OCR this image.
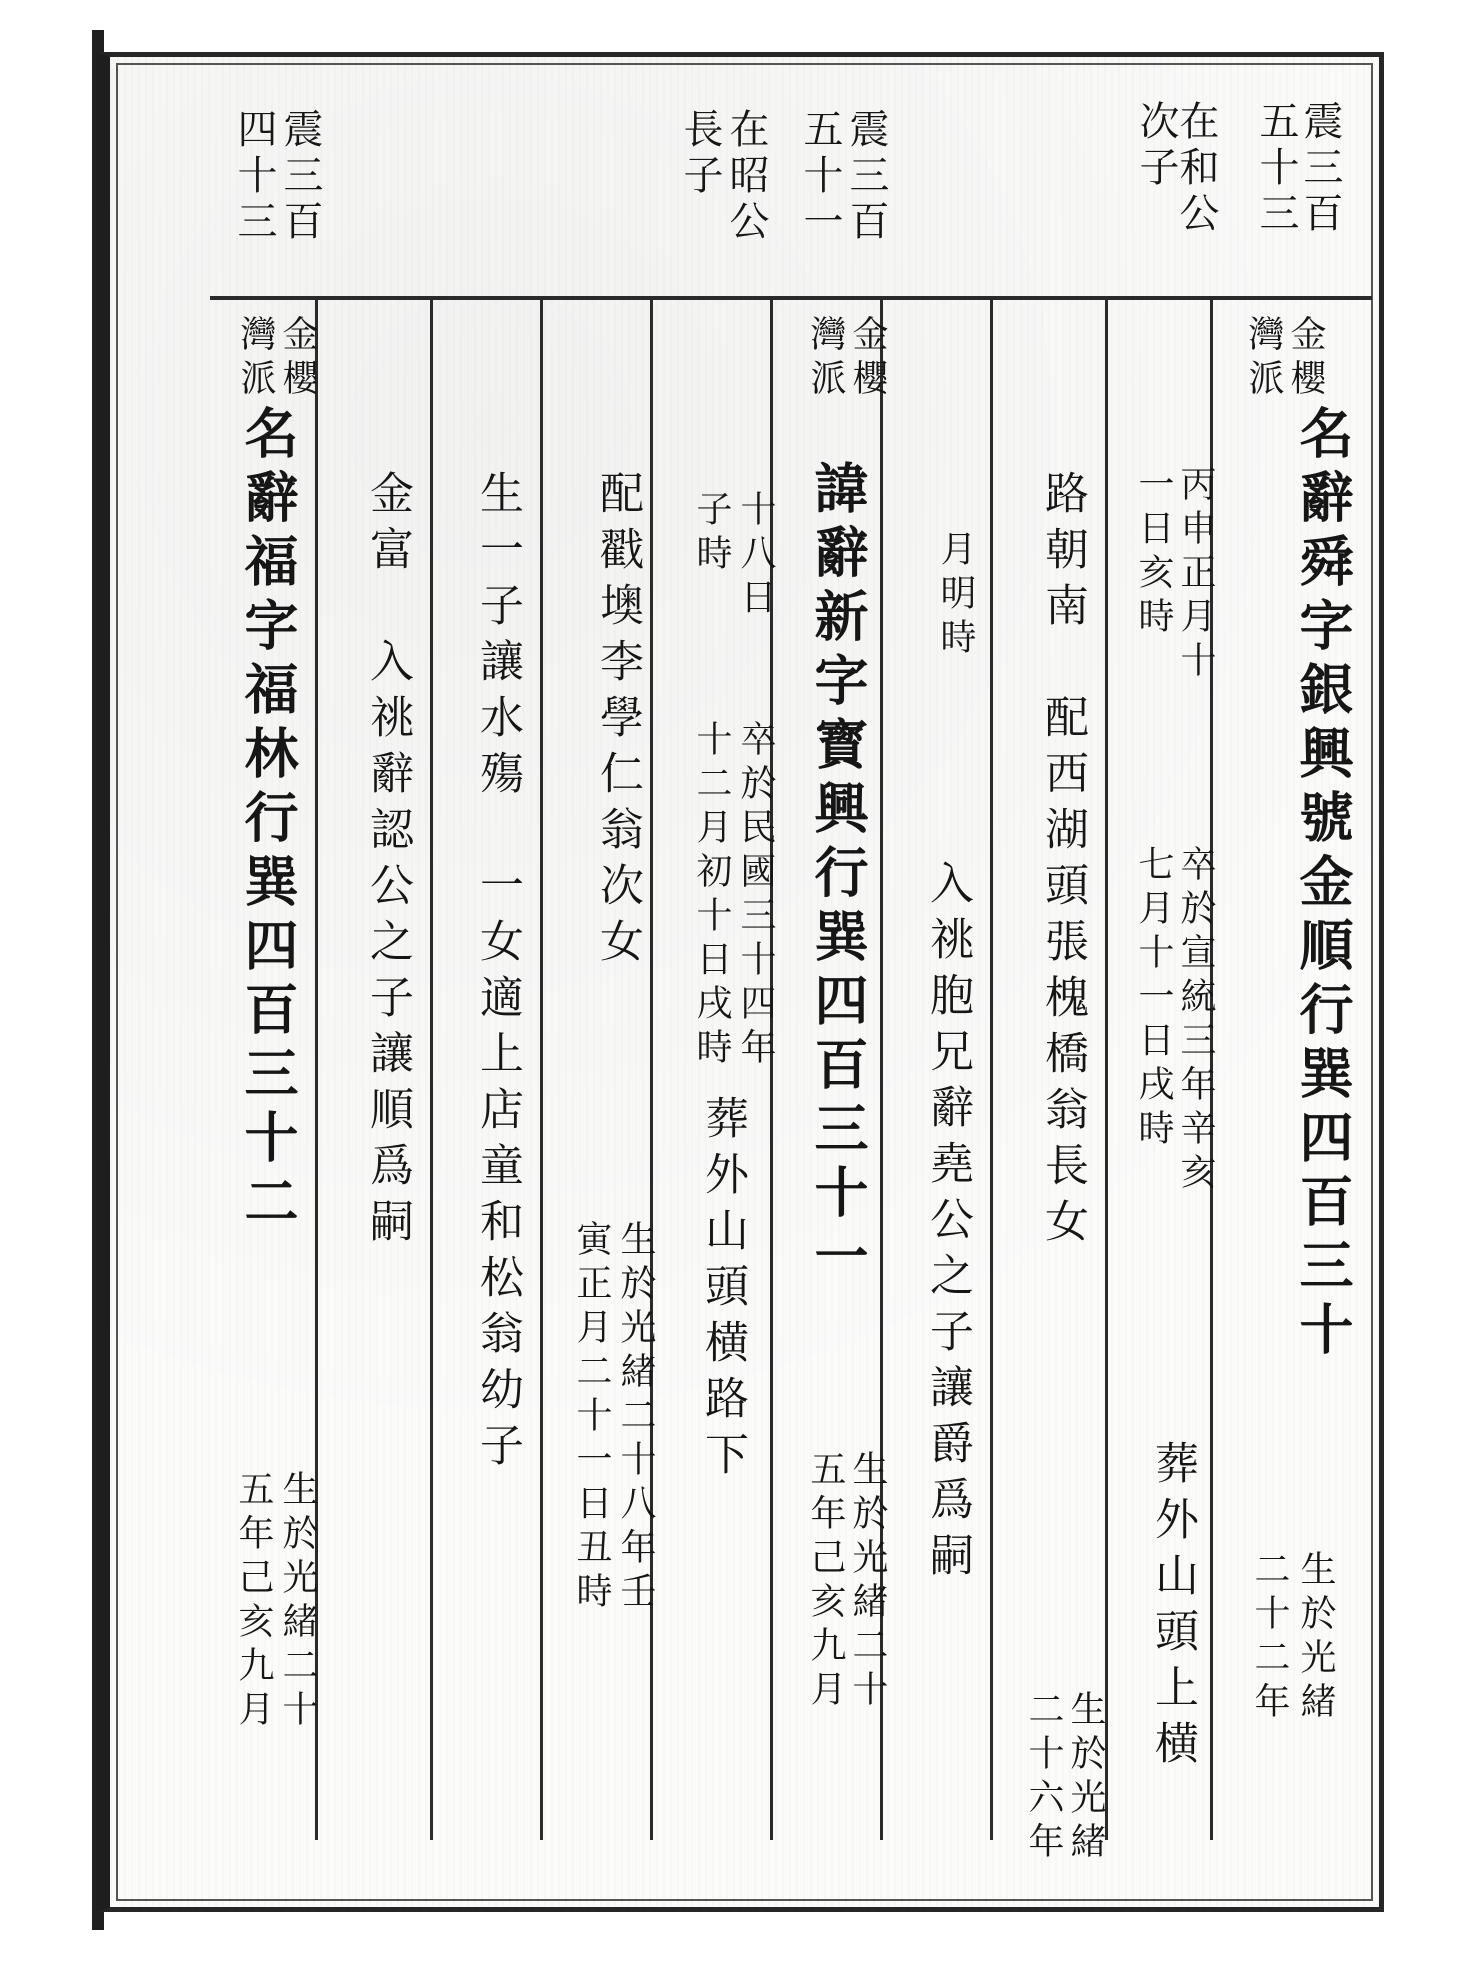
震三百
五十三
在和公
次子
震三百
五十一
在昭公
長子
震三百
四十三
金櫻
灣派
名辭舜字銀興號金順行巽四百三十
生於光緒
二十二年
丙申正月十
一日亥時
卒於宣統三年辛亥
七月十一日戌時
葬外山頭上横
路朝南　配西湖頭張槐橋翁長女
生於光緒
二十六年
月明時
入祧胞兄辭堯公之子讓爵爲嗣
金櫻
灣派
諱辭新字寳興行巽四百三十一
生於光緒二十
五年己亥九月
十八日
子時
卒於民國三十四年
十二月初十日戌時
葬外山頭横路下
配戳墺李學仁翁次女
生於光緒二十八年壬
寅正月二十一日丑時
生一子讓水殤　一女適上店童和松翁幼子
金富　入祧辭認公之子讓順爲嗣
金櫻
灣派
名辭福字福林行巽四百三十二
生於光緒二十
五年己亥九月
